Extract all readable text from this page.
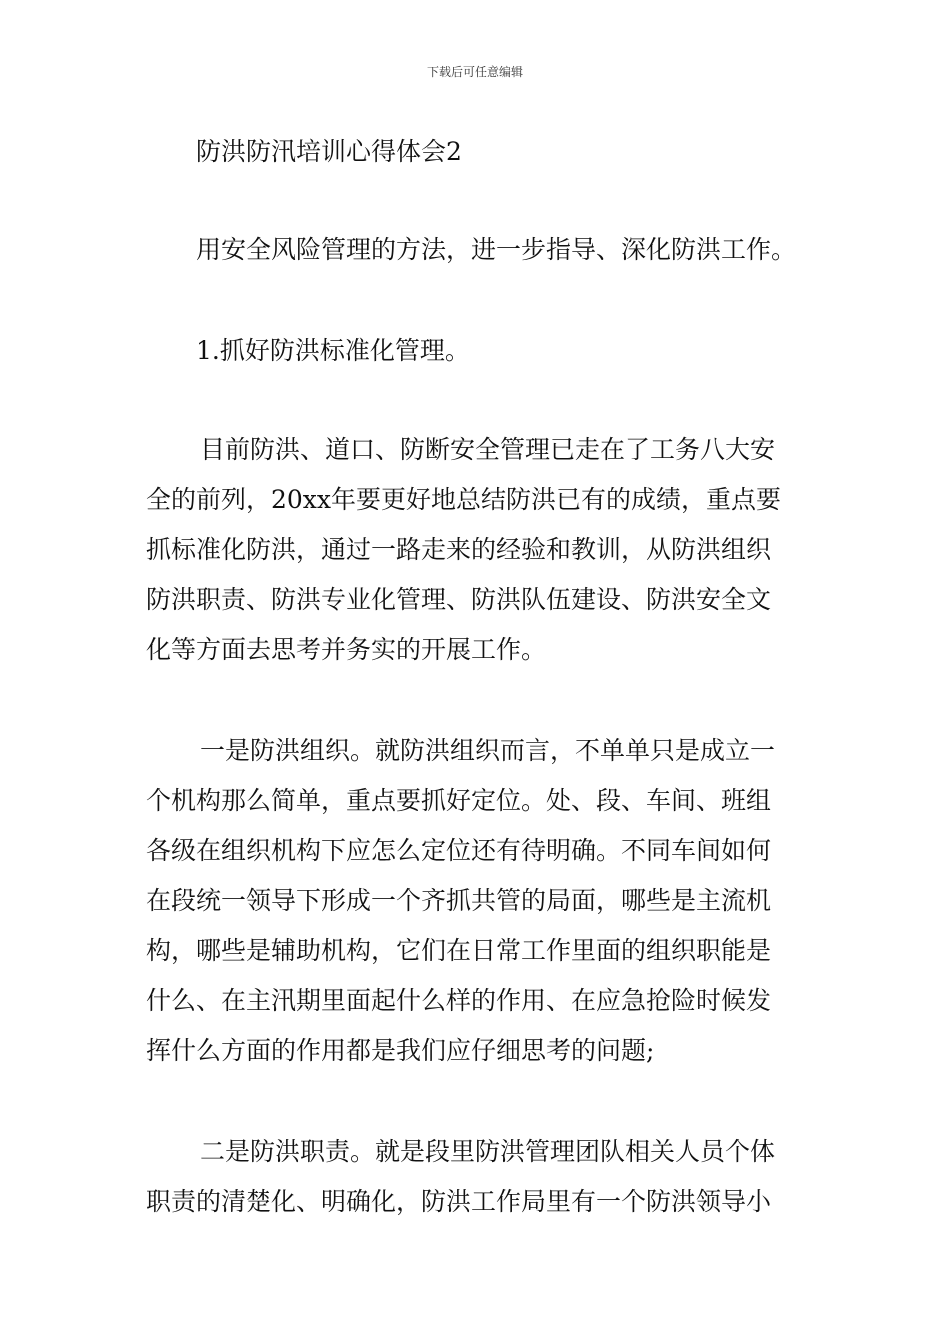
下载后可任意编辑
防洪防汛培训心得体会2
用安全风险管理的方法，进一步指导、深化防洪工作。
1.抓好防洪标准化管理。
目前防洪、道口、防断安全管理已走在了工务八大安
全的前列，20xx年要更好地总结防洪已有的成绩，重点要
抓标准化防洪，通过一路走来的经验和教训，从防洪组织
防洪职责、防洪专业化管理、防洪队伍建设、防洪安全文
化等方面去思考并务实的开展工作。
一是防洪组织。就防洪组织而言，不单单只是成立一
个机构那么简单，重点要抓好定位。处、段、车间、班组
各级在组织机构下应怎么定位还有待明确。不同车间如何
在段统一领导下形成一个齐抓共管的局面，哪些是主流机
构，哪些是辅助机构，它们在日常工作里面的组织职能是
什么、在主汛期里面起什么样的作用、在应急抢险时候发
挥什么方面的作用都是我们应仔细思考的问题;
二是防洪职责。就是段里防洪管理团队相关人员个体
职责的清楚化、明确化，防洪工作局里有一个防洪领导小
